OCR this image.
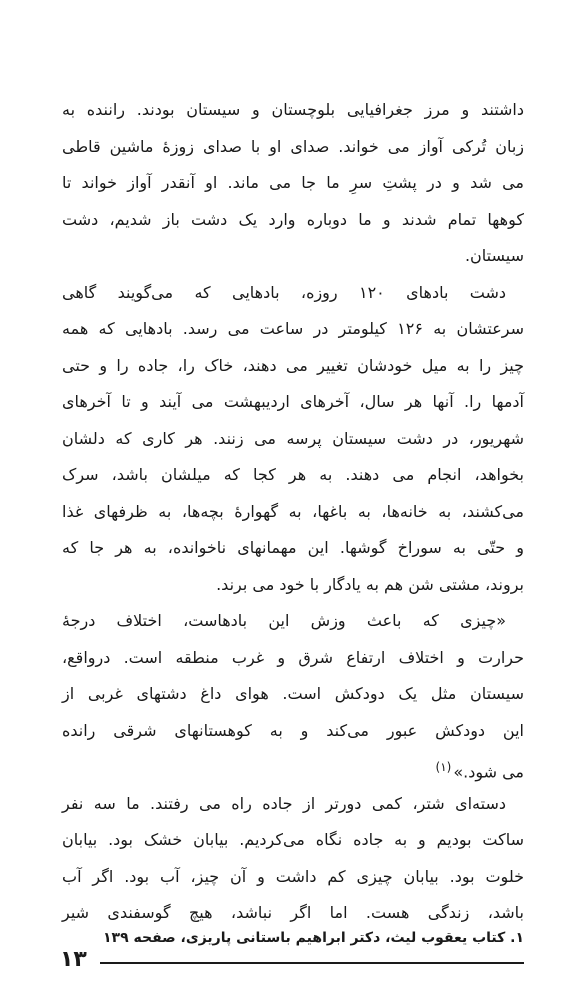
داشتند و مرز جغرافیایی بلوچستان و سیستان بودند. راننده به
زبان تُرکی آواز می خواند. صدای او با صدای زوزهٔ ماشین قاطی
می شد و در پشتِ سرِ ما جا می ماند. او آنقدر آواز خواند تا
کوهها تمام شدند و ما دوباره وارد یک دشت باز شدیم، دشت
سیستان.
دشت بادهای ۱۲۰ روزه، بادهایی که می‌گویند گاهی
سرعتشان به ۱۲۶ کیلومتر در ساعت می رسد. بادهایی که همه
چیز را به میل خودشان تغییر می دهند، خاک را، جاده را و حتی
آدمها را. آنها هر سال، آخرهای اردیبهشت می آیند و تا آخرهای
شهریور، در دشت سیستان پرسه می زنند. هر کاری که دلشان
بخواهد، انجام می دهند. به هر کجا که میلشان باشد، سرک
می‌کشند، به خانه‌ها، به باغها، به گهوارهٔ بچه‌ها، به ظرفهای غذا
و حتّی به سوراخ گوشها. این مهمانهای ناخوانده، به هر جا که
بروند، مشتی شن هم به یادگار با خود می برند.
«چیزی که باعث وزش این بادهاست، اختلاف درجهٔ
حرارت و اختلاف ارتفاع شرق و غرب منطقه است. درواقع،
سیستان مثل یک دودکش است. هوای داغ دشتهای غربی از
این دودکش عبور می‌کند و به کوهستانهای شرقی رانده
می شود.»$^{(۱)}$
دسته‌ای شتر، کمی دورتر از جاده راه می رفتند. ما سه نفر
ساکت بودیم و به جاده نگاه می‌کردیم. بیابان خشک بود. بیابان
خلوت بود. بیابان چیزی کم داشت و آن چیز، آب بود. اگر آب
باشد، زندگی هست. اما اگر نباشد، هیچ گوسفندی شیر
۱. کتاب یعقوب لیث، دکتر ابراهیم باستانی پاریزی، صفحه ۱۳۹
۱۳
